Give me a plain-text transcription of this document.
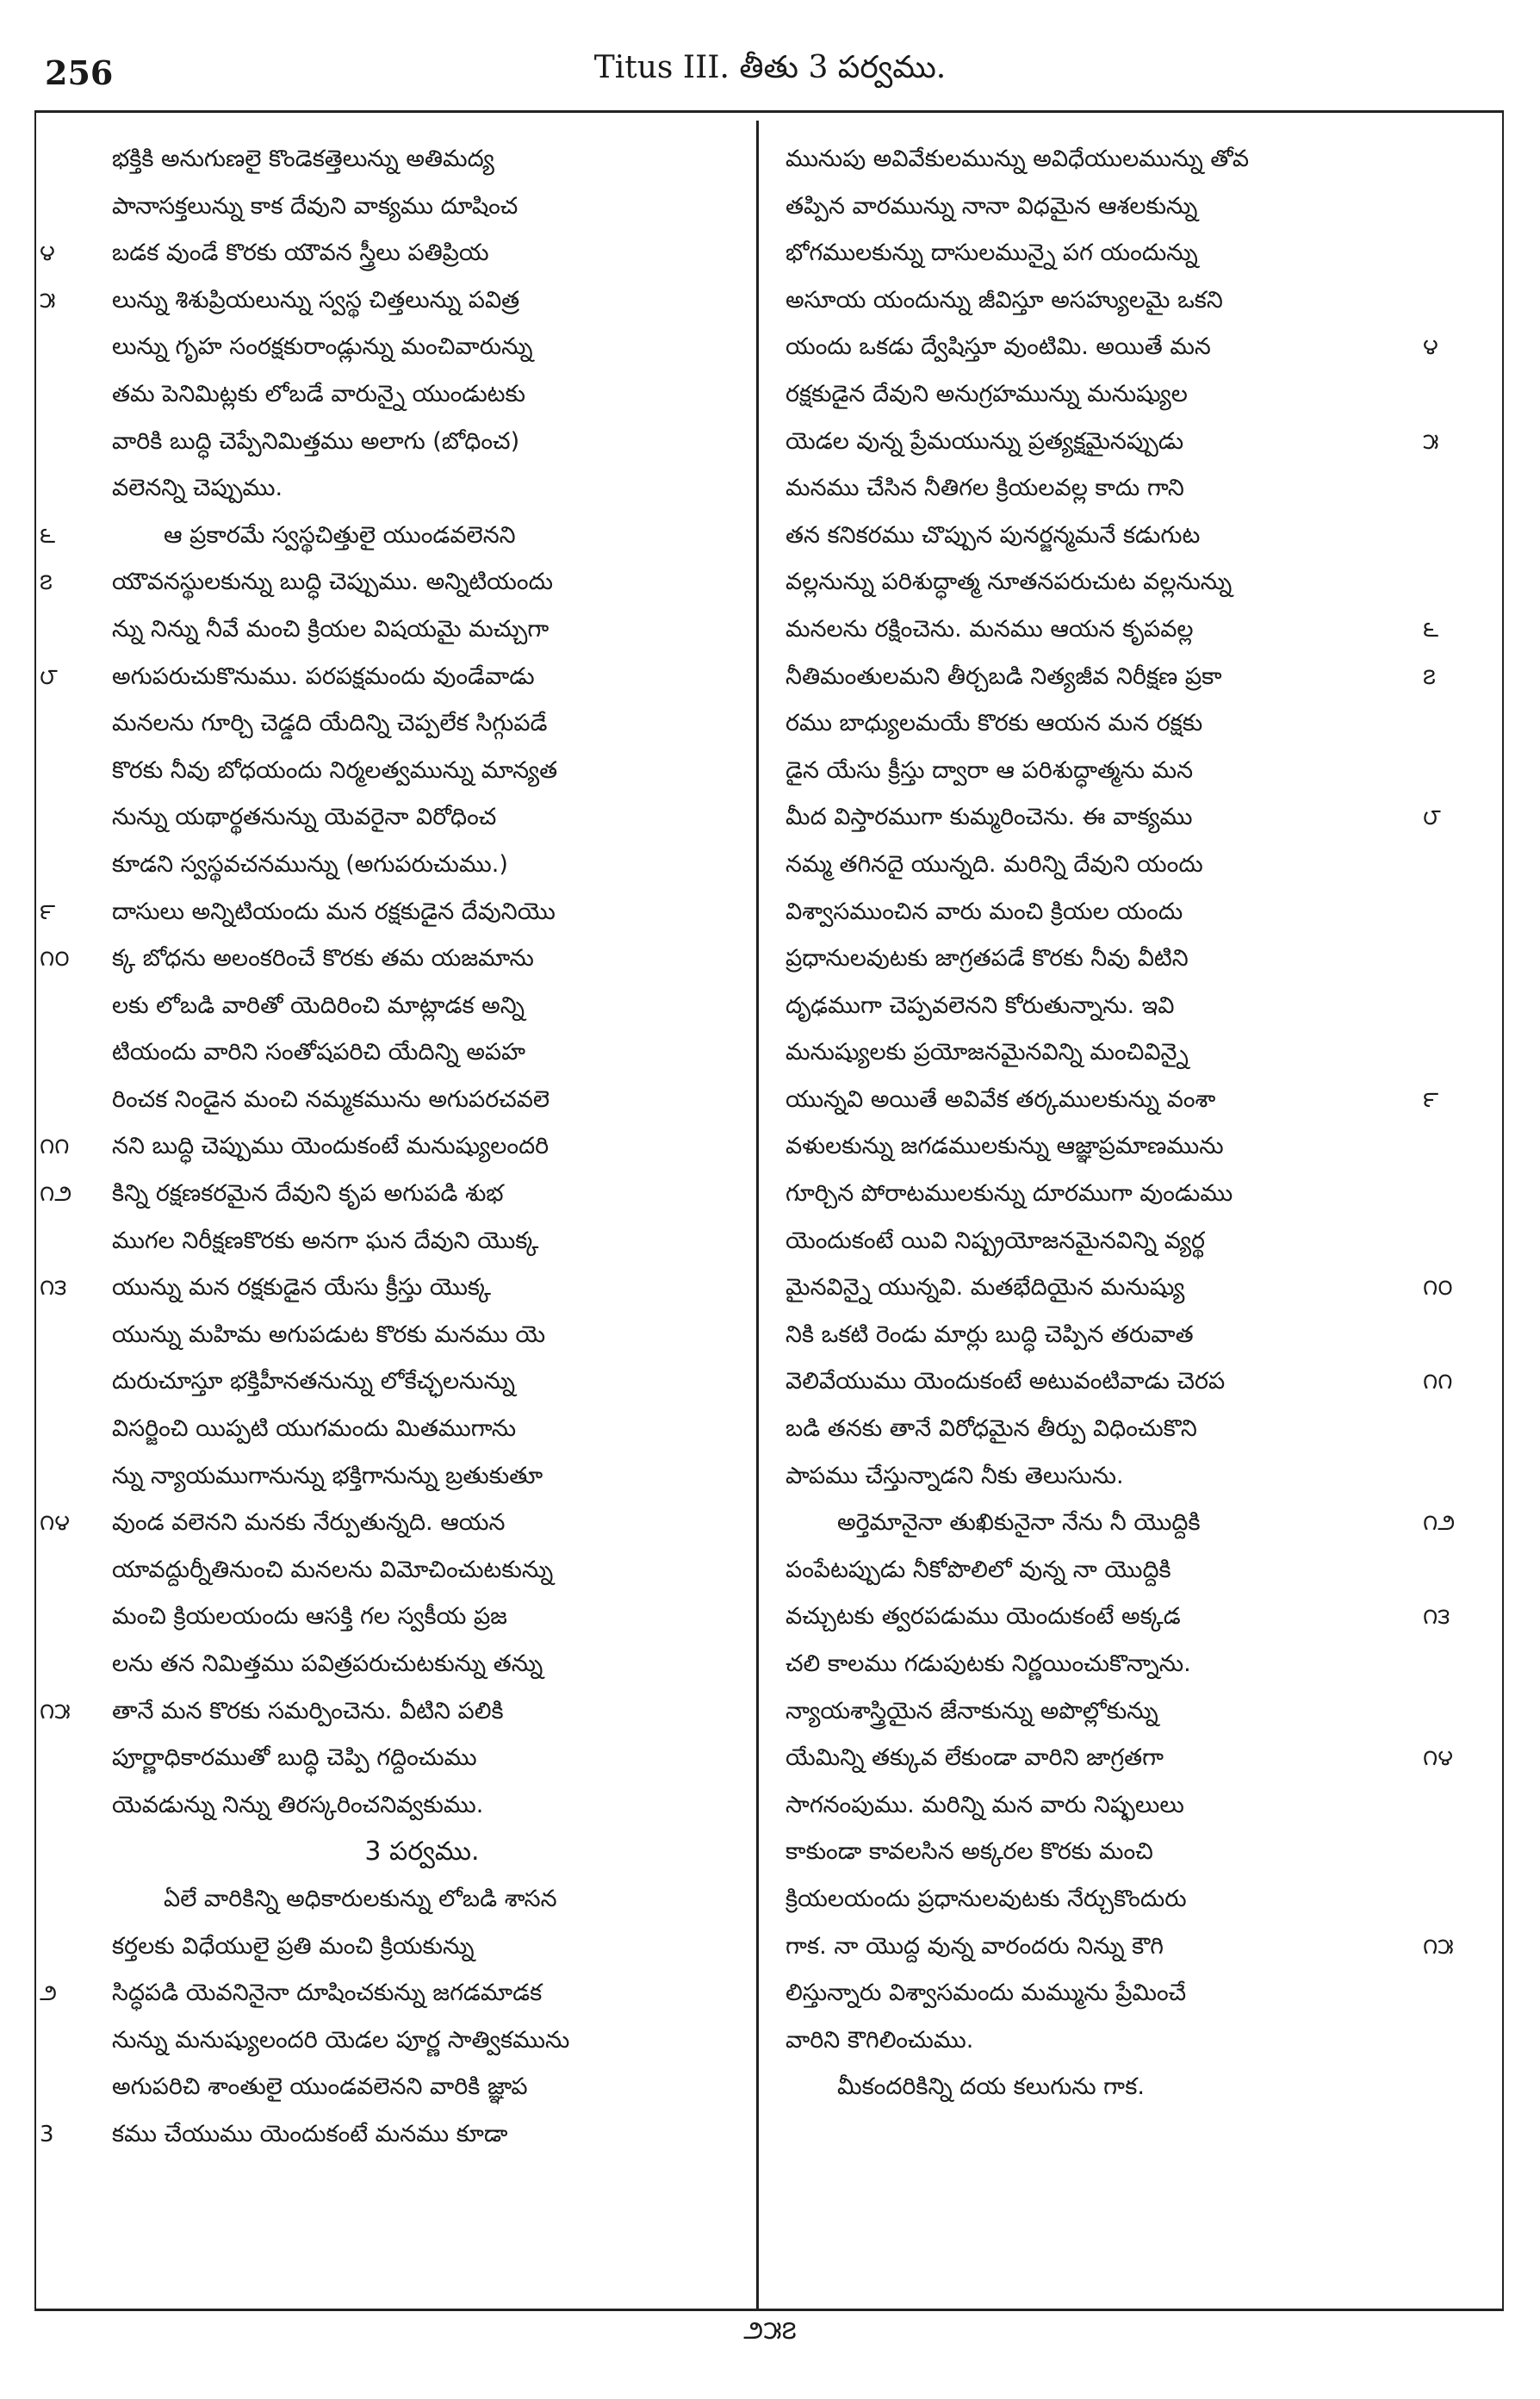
256	Titus III. తీతు 3 పర్వము.
భక్తికి అనుగుణలై కొండెకత్తెలున్ను అతిమద్య
పానాసక్తలున్ను కాక దేవుని వాక్యము దూషించ
బడక వుండే కొరకు యౌవన స్త్రీలు పతిప్రియ
౪
లున్ను శిశుప్రియలున్ను స్వస్థ చిత్తలున్ను పవిత్ర
౫
లున్ను గృహ సంరక్షకురాండ్లున్ను మంచివారున్ను
తమ పెనిమిట్లకు లోబడే వారున్నై యుండుటకు
వారికి బుద్ధి చెప్పేనిమిత్తము అలాగు (బోధించ)
వలెనన్ని చెప్పుము.
ఆ ప్రకారమే స్వస్థచిత్తులై యుండవలెనని
౬
యౌవనస్థులకున్ను బుద్ధి చెప్పుము. అన్నిటియందు
౭
న్ను నిన్ను నీవే మంచి క్రియల విషయమై మచ్చుగా
అగుపరుచుకొనుము. పరపక్షమందు వుండేవాడు
౮
మనలను గూర్చి చెడ్డది యేదిన్ని చెప్పలేక సిగ్గుపడే
కొరకు నీవు బోధయందు నిర్మలత్వమున్ను మాన్యత
నున్ను యథార్థతనున్ను యెవరైనా విరోధించ
కూడని స్వస్థవచనమున్ను (అగుపరుచుము.)
దాసులు అన్నిటియందు మన రక్షకుడైన దేవునియొ
౯
క్క బోధను అలంకరించే కొరకు తమ యజమాను
౧౦
లకు లోబడి వారితో యెదిరించి మాట్లాడక అన్ని
టియందు వారిని సంతోషపరిచి యేదిన్ని అపహ
రించక నిండైన మంచి నమ్మకమును అగుపరచవలె
నని బుద్ధి చెప్పుము యెందుకంటే మనుష్యులందరి
౧౧
కిన్ని రక్షణకరమైన దేవుని కృప అగుపడి శుభ
౧౨
ముగల నిరీక్షణకొరకు అనగా ఘన దేవుని యొక్క
యున్ను మన రక్షకుడైన యేసు క్రీస్తు యొక్క
౧౩
యున్ను మహిమ అగుపడుట కొరకు మనము యె
దురుచూస్తూ భక్తిహీనతనున్ను లోకేచ్ఛలనున్ను
విసర్జించి యిప్పటి యుగమందు మితముగాను
న్ను న్యాయముగానున్ను భక్తిగానున్ను బ్రతుకుతూ
వుండ వలెనని మనకు నేర్పుతున్నది. ఆయన
౧౪
యావద్దుర్నీతినుంచి మనలను విమోచించుటకున్ను
మంచి క్రియలయందు ఆసక్తి గల స్వకీయ ప్రజ
లను తన నిమిత్తము పవిత్రపరుచుటకున్ను తన్ను
తానే మన కొరకు సమర్పించెను. వీటిని పలికి
౧౫
పూర్ణాధికారముతో బుద్ధి చెప్పి గద్దించుము
యెవడున్ను నిన్ను తిరస్కరించనివ్వకుము.
3 పర్వము.
ఏలే వారికిన్ని అధికారులకున్ను లోబడి శాసన
కర్తలకు విధేయులై ప్రతి మంచి క్రియకున్ను
సిద్ధపడి యెవనినైనా దూషించకున్ను జగడమాడక
౨
నున్ను మనుష్యులందరి యెడల పూర్ణ సాత్వికమును
అగుపరిచి శాంతులై యుండవలెనని వారికి జ్ఞాప
కము చేయుము యెందుకంటే మనము కూడా
3
మునుపు అవివేకులమున్ను అవిధేయులమున్ను తోవ
తప్పిన వారమున్ను నానా విధమైన ఆశలకున్ను
భోగములకున్ను దాసులమున్నై పగ యందున్ను
అసూయ యందున్ను జీవిస్తూ అసహ్యులమై ఒకని
యందు ఒకడు ద్వేషిస్తూ వుంటిమి. అయితే మన	౪
రక్షకుడైన దేవుని అనుగ్రహమున్ను మనుష్యుల
యెడల వున్న ప్రేమయున్ను ప్రత్యక్షమైనప్పుడు	౫
మనము చేసిన నీతిగల క్రియలవల్ల కాదు గాని
తన కనికరము చొప్పున పునర్జన్మమనే కడుగుట
వల్లనున్ను పరిశుద్ధాత్మ నూతనపరుచుట వల్లనున్ను
మనలను రక్షించెను. మనము ఆయన కృపవల్ల	౬
నీతిమంతులమని తీర్చబడి నిత్యజీవ నిరీక్షణ ప్రకా	౭
రము బాధ్యులమయే కొరకు ఆయన మన రక్షకు
డైన యేసు క్రీస్తు ద్వారా ఆ పరిశుద్ధాత్మను మన
మీద విస్తారముగా కుమ్మరించెను. ఈ వాక్యము	౮
నమ్మ తగినదై యున్నది. మరిన్ని దేవుని యందు
విశ్వాసముంచిన వారు మంచి క్రియల యందు
ప్రధానులవుటకు జాగ్రతపడే కొరకు నీవు వీటిని
దృఢముగా చెప్పవలెనని కోరుతున్నాను. ఇవి
మనుష్యులకు ప్రయోజనమైనవిన్ని మంచివిన్నై
యున్నవి అయితే అవివేక తర్కములకున్ను వంశా	౯
వళులకున్ను జగడములకున్ను ఆజ్ఞాప్రమాణమును
గూర్చిన పోరాటములకున్ను దూరముగా వుండుము
యెందుకంటే యివి నిష్ప్రయోజనమైనవిన్ని వ్యర్థ
మైనవిన్నై యున్నవి. మతభేదియైన మనుష్యు	౧౦
నికి ఒకటి రెండు మార్లు బుద్ధి చెప్పిన తరువాత
వెలివేయుము యెందుకంటే అటువంటివాడు చెరప	౧౧
బడి తనకు తానే విరోధమైన తీర్పు విధించుకొని
పాపము చేస్తున్నాడని నీకు తెలుసును.
అర్తెమానైనా తుఖికునైనా నేను నీ యొద్దికి	౧౨
పంపేటప్పుడు నీకోపొలిలో వున్న నా యొద్దికి
వచ్చుటకు త్వరపడుము యెందుకంటే అక్కడ	౧౩
చలి కాలము గడుపుటకు నిర్ణయించుకొన్నాను.
న్యాయశాస్త్రియైన జేనాకున్ను అపొల్లోకున్ను
యేమిన్ని తక్కువ లేకుండా వారిని జాగ్రతగా	౧౪
సాగనంపుము. మరిన్ని మన వారు నిష్ఫలులు
కాకుండా కావలసిన అక్కరల కొరకు మంచి
క్రియలయందు ప్రధానులవుటకు నేర్చుకొందురు
గాక. నా యొద్ద వున్న వారందరు నిన్ను కౌగి	౧౫
లిస్తున్నారు విశ్వాసమందు మమ్మును ప్రేమించే
వారిని కౌగిలించుము.
మీకందరికిన్ని దయ కలుగును గాక.
౨౫౭
